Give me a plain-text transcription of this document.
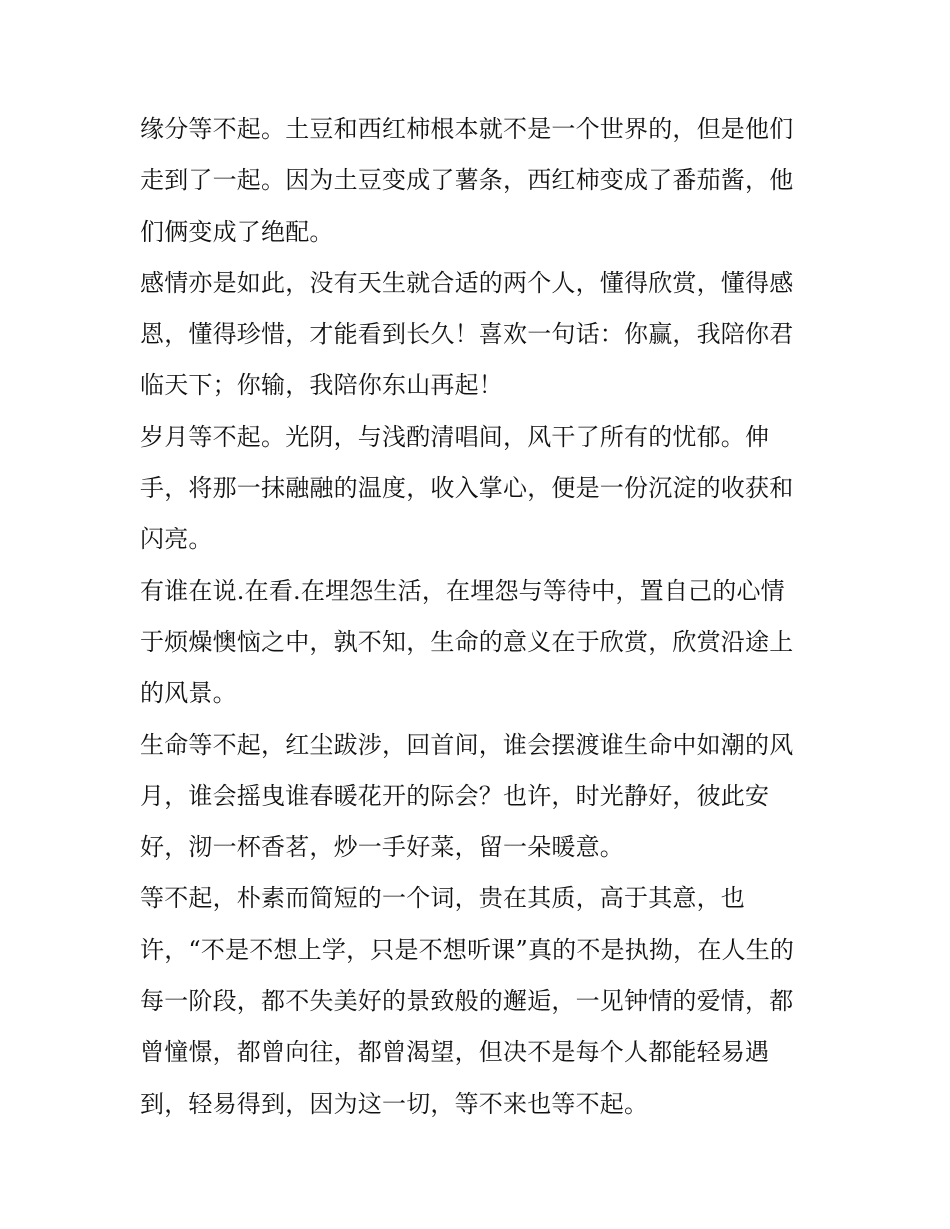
缘分等不起。土豆和西红柿根本就不是一个世界的，但是他们
走到了一起。因为土豆变成了薯条，西红柿变成了番茄酱，他
们俩变成了绝配。
感情亦是如此，没有天生就合适的两个人，懂得欣赏，懂得感
恩，懂得珍惜，才能看到长久！喜欢一句话：你赢，我陪你君
临天下；你输，我陪你东山再起！
岁月等不起。光阴，与浅酌清唱间，风干了所有的忧郁。伸
手，将那一抹融融的温度，收入掌心，便是一份沉淀的收获和
闪亮。
有谁在说.在看.在埋怨生活，在埋怨与等待中，置自己的心情
于烦燥懊恼之中，孰不知，生命的意义在于欣赏，欣赏沿途上
的风景。
生命等不起，红尘跋涉，回首间，谁会摆渡谁生命中如潮的风
月，谁会摇曳谁春暖花开的际会？也许，时光静好，彼此安
好，沏一杯香茗，炒一手好菜，留一朵暖意。
等不起，朴素而简短的一个词，贵在其质，高于其意，也
许，“不是不想上学，只是不想听课”真的不是执拗，在人生的
每一阶段，都不失美好的景致般的邂逅，一见钟情的爱情，都
曾憧憬，都曾向往，都曾渴望，但决不是每个人都能轻易遇
到，轻易得到，因为这一切，等不来也等不起。
